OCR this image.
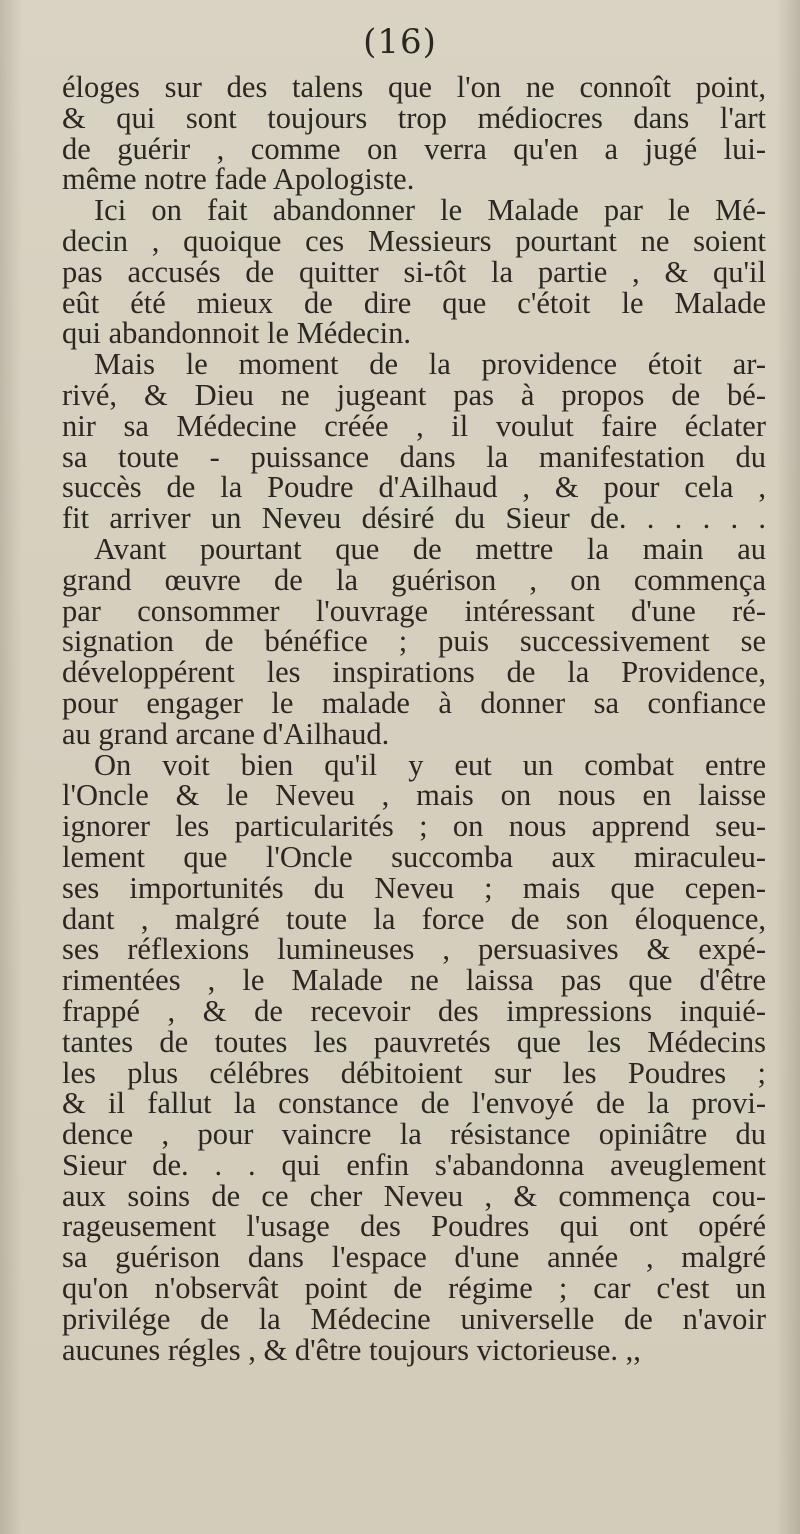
(16)
éloges sur des talens que l'on ne connoît point,
& qui sont toujours trop médiocres dans l'art
de guérir , comme on verra qu'en a jugé lui-
même notre fade Apologiste.
Ici on fait abandonner le Malade par le Mé-
decin , quoique ces Messieurs pourtant ne soient
pas accusés de quitter si-tôt la partie , & qu'il
eût été mieux de dire que c'étoit le Malade
qui abandonnoit le Médecin.
Mais le moment de la providence étoit ar-
rivé, & Dieu ne jugeant pas à propos de bé-
nir sa Médecine créée , il voulut faire éclater
sa toute - puissance dans la manifestation du
succès de la Poudre d'Ailhaud , & pour cela ,
fit arriver un Neveu désiré du Sieur de. . . . . .
Avant pourtant que de mettre la main au
grand œuvre de la guérison , on commença
par consommer l'ouvrage intéressant d'une ré-
signation de bénéfice ; puis successivement se
développérent les inspirations de la Providence,
pour engager le malade à donner sa confiance
au grand arcane d'Ailhaud.
On voit bien qu'il y eut un combat entre
l'Oncle & le Neveu , mais on nous en laisse
ignorer les particularités ; on nous apprend seu-
lement que l'Oncle succomba aux miraculeu-
ses importunités du Neveu ; mais que cepen-
dant , malgré toute la force de son éloquence,
ses réflexions lumineuses , persuasives & expé-
rimentées , le Malade ne laissa pas que d'être
frappé , & de recevoir des impressions inquié-
tantes de toutes les pauvretés que les Médecins
les plus célébres débitoient sur les Poudres ;
& il fallut la constance de l'envoyé de la provi-
dence , pour vaincre la résistance opiniâtre du
Sieur de. . . qui enfin s'abandonna aveuglement
aux soins de ce cher Neveu , & commença cou-
rageusement l'usage des Poudres qui ont opéré
sa guérison dans l'espace d'une année , malgré
qu'on n'observât point de régime ; car c'est un
privilége de la Médecine universelle de n'avoir
aucunes régles , & d'être toujours victorieuse. ,,
